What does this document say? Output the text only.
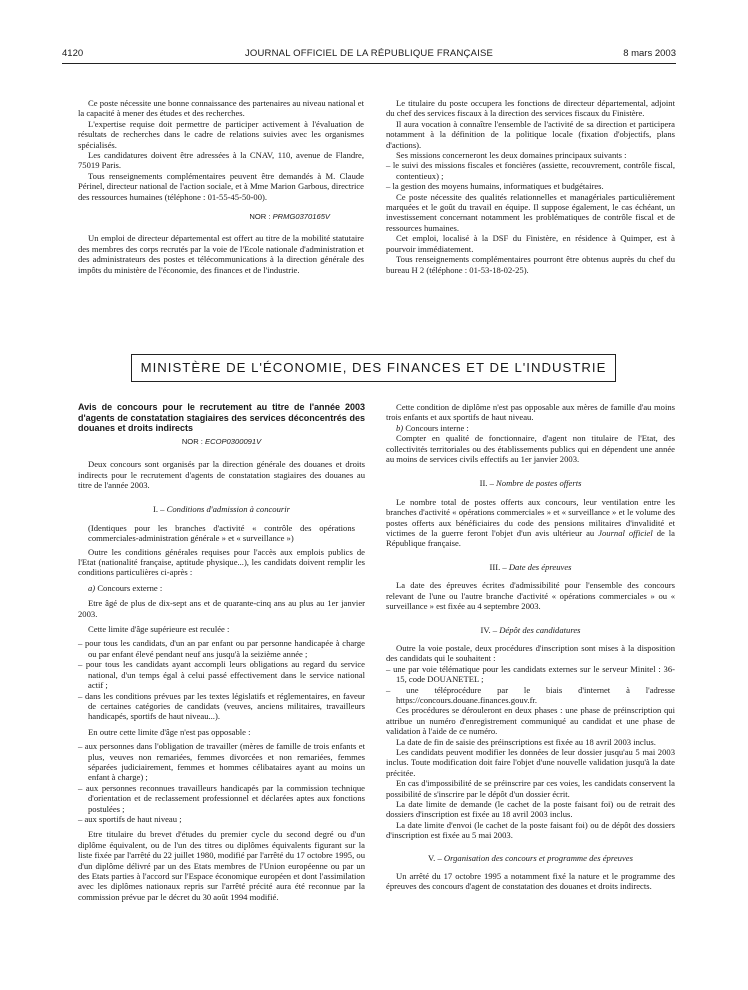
4120	JOURNAL OFFICIEL DE LA RÉPUBLIQUE FRANÇAISE	8 mars 2003

Ce poste nécessite une bonne connaissance des partenaires au niveau national et la capacité à mener des études et des recherches.

L'expertise requise doit permettre de participer activement à l'évaluation de résultats de recherches dans le cadre de relations suivies avec les organismes spécialisés.

Les candidatures doivent être adressées à la CNAV, 110, avenue de Flandre, 75019 Paris.

Tous renseignements complémentaires peuvent être demandés à M. Claude Périnel, directeur national de l'action sociale, et à Mme Marion Garbous, directrice des ressources humaines (téléphone : 01-55-45-50-00).

NOR : PRMG0370165V

Un emploi de directeur départemental est offert au titre de la mobilité statutaire des membres des corps recrutés par la voie de l'Ecole nationale d'administration et des administrateurs des postes et télécommunications à la direction générale des impôts du ministère de l'économie, des finances et de l'industrie.

Le titulaire du poste occupera les fonctions de directeur départemental, adjoint du chef des services fiscaux à la direction des services fiscaux du Finistère.

Il aura vocation à connaître l'ensemble de l'activité de sa direction et participera notamment à la définition de la politique locale (fixation d'objectifs, plans d'actions).

Ses missions concerneront les deux domaines principaux suivants :

– le suivi des missions fiscales et foncières (assiette, recouvrement, contrôle fiscal, contentieux) ;
– la gestion des moyens humains, informatiques et budgétaires.

Ce poste nécessite des qualités relationnelles et managériales particulièrement marquées et le goût du travail en équipe. Il suppose également, le cas échéant, un investissement concernant notamment les problématiques de contrôle fiscal et de ressources humaines.

Cet emploi, localisé à la DSF du Finistère, en résidence à Quimper, est à pourvoir immédiatement.

Tous renseignements complémentaires pourront être obtenus auprès du chef du bureau H 2 (téléphone : 01-53-18-02-25).

MINISTÈRE DE L'ÉCONOMIE, DES FINANCES ET DE L'INDUSTRIE

Avis de concours pour le recrutement au titre de l'année 2003 d'agents de constatation stagiaires des services déconcentrés des douanes et droits indirects

NOR : ECOP0300091V

Deux concours sont organisés par la direction générale des douanes et droits indirects pour le recrutement d'agents de constatation stagiaires des douanes au titre de l'année 2003.

I. – Conditions d'admission à concourir

(Identiques pour les branches d'activité « contrôle des opérations commerciales-administration générale » et « surveillance »)

Outre les conditions générales requises pour l'accès aux emplois publics de l'Etat (nationalité française, aptitude physique...), les candidats doivent remplir les conditions particulières ci-après :

a) Concours externe :

Etre âgé de plus de dix-sept ans et de quarante-cinq ans au plus au 1er janvier 2003.

Cette limite d'âge supérieure est reculée :

– pour tous les candidats, d'un an par enfant ou par personne handicapée à charge ou par enfant élevé pendant neuf ans jusqu'à la seizième année ;
– pour tous les candidats ayant accompli leurs obligations au regard du service national, d'un temps égal à celui passé effectivement dans le service national actif ;
– dans les conditions prévues par les textes législatifs et réglementaires, en faveur de certaines catégories de candidats (veuves, anciens militaires, travailleurs handicapés, sportifs de haut niveau...).

En outre cette limite d'âge n'est pas opposable :

– aux personnes dans l'obligation de travailler (mères de famille de trois enfants et plus, veuves non remariées, femmes divorcées et non remariées, femmes séparées judiciairement, femmes et hommes célibataires ayant au moins un enfant à charge) ;
– aux personnes reconnues travailleurs handicapés par la commission technique d'orientation et de reclassement professionnel et déclarées aptes aux fonctions postulées ;
– aux sportifs de haut niveau ;

Etre titulaire du brevet d'études du premier cycle du second degré ou d'un diplôme équivalent, ou de l'un des titres ou diplômes équivalents figurant sur la liste fixée par l'arrêté du 22 juillet 1980, modifié par l'arrêté du 17 octobre 1995, ou d'un diplôme délivré par un des Etats membres de l'Union européenne ou par un des Etats parties à l'accord sur l'Espace économique européen et dont l'assimilation avec les diplômes nationaux repris sur l'arrêté précité aura été reconnue par la commission prévue par le décret du 30 août 1994 modifié.

Cette condition de diplôme n'est pas opposable aux mères de famille d'au moins trois enfants et aux sportifs de haut niveau.

b) Concours interne :

Compter en qualité de fonctionnaire, d'agent non titulaire de l'Etat, des collectivités territoriales ou des établissements publics qui en dépendent une année au moins de services civils effectifs au 1er janvier 2003.

II. – Nombre de postes offerts

Le nombre total de postes offerts aux concours, leur ventilation entre les branches d'activité « opérations commerciales » et « surveillance » et le volume des postes offerts aux bénéficiaires du code des pensions militaires d'invalidité et victimes de la guerre feront l'objet d'un avis ultérieur au Journal officiel de la République française.

III. – Date des épreuves

La date des épreuves écrites d'admissibilité pour l'ensemble des concours relevant de l'une ou l'autre branche d'activité « opérations commerciales » ou « surveillance » est fixée au 4 septembre 2003.

IV. – Dépôt des candidatures

Outre la voie postale, deux procédures d'inscription sont mises à la disposition des candidats qui le souhaitent :

– une par voie télématique pour les candidats externes sur le serveur Minitel : 36-15, code DOUANETEL ;
– une téléprocédure par le biais d'internet à l'adresse https://concours.douane.finances.gouv.fr.

Ces procédures se dérouleront en deux phases : une phase de préinscription qui attribue un numéro d'enregistrement communiqué au candidat et une phase de validation à l'aide de ce numéro.

La date de fin de saisie des préinscriptions est fixée au 18 avril 2003 inclus.

Les candidats peuvent modifier les données de leur dossier jusqu'au 5 mai 2003 inclus. Toute modification doit faire l'objet d'une nouvelle validation jusqu'à la date précitée.

En cas d'impossibilité de se préinscrire par ces voies, les candidats conservent la possibilité de s'inscrire par le dépôt d'un dossier écrit.

La date limite de demande (le cachet de la poste faisant foi) ou de retrait des dossiers d'inscription est fixée au 18 avril 2003 inclus.

La date limite d'envoi (le cachet de la poste faisant foi) ou de dépôt des dossiers d'inscription est fixée au 5 mai 2003.

V. – Organisation des concours et programme des épreuves

Un arrêté du 17 octobre 1995 a notamment fixé la nature et le programme des épreuves des concours d'agent de constatation des douanes et droits indirects.
